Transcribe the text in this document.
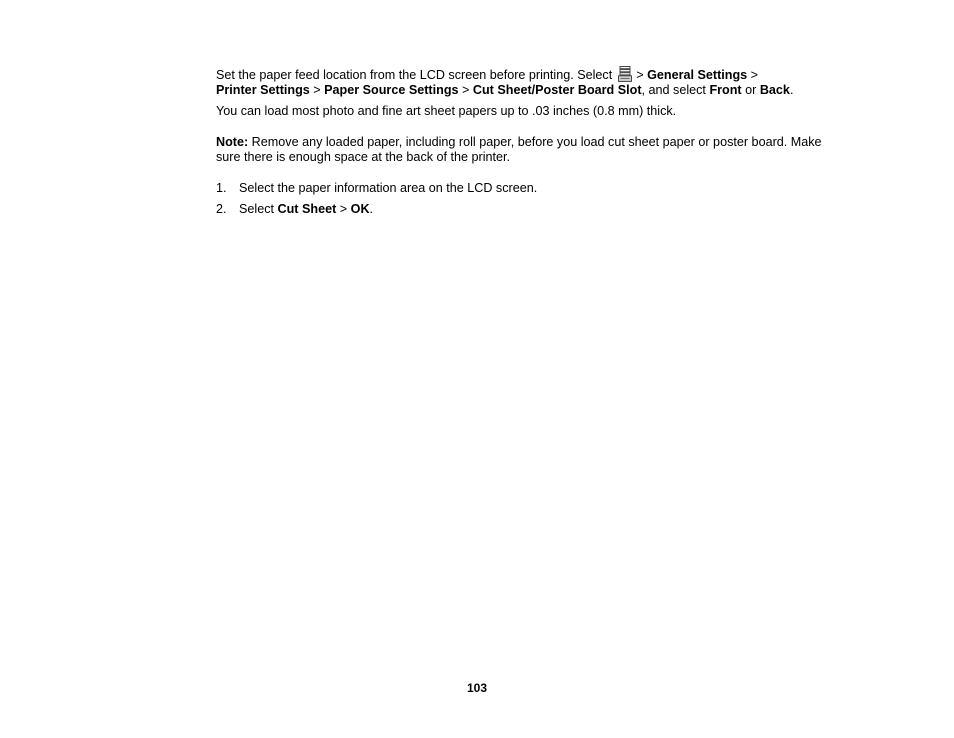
Set the paper feed location from the LCD screen before printing. Select  > General Settings >
Printer Settings > Paper Source Settings > Cut Sheet/Poster Board Slot, and select Front or Back.

You can load most photo and fine art sheet papers up to .03 inches (0.8 mm) thick.

Note: Remove any loaded paper, including roll paper, before you load cut sheet paper or poster board. Make sure there is enough space at the back of the printer.

1. Select the paper information area on the LCD screen.
2. Select Cut Sheet > OK.
103
